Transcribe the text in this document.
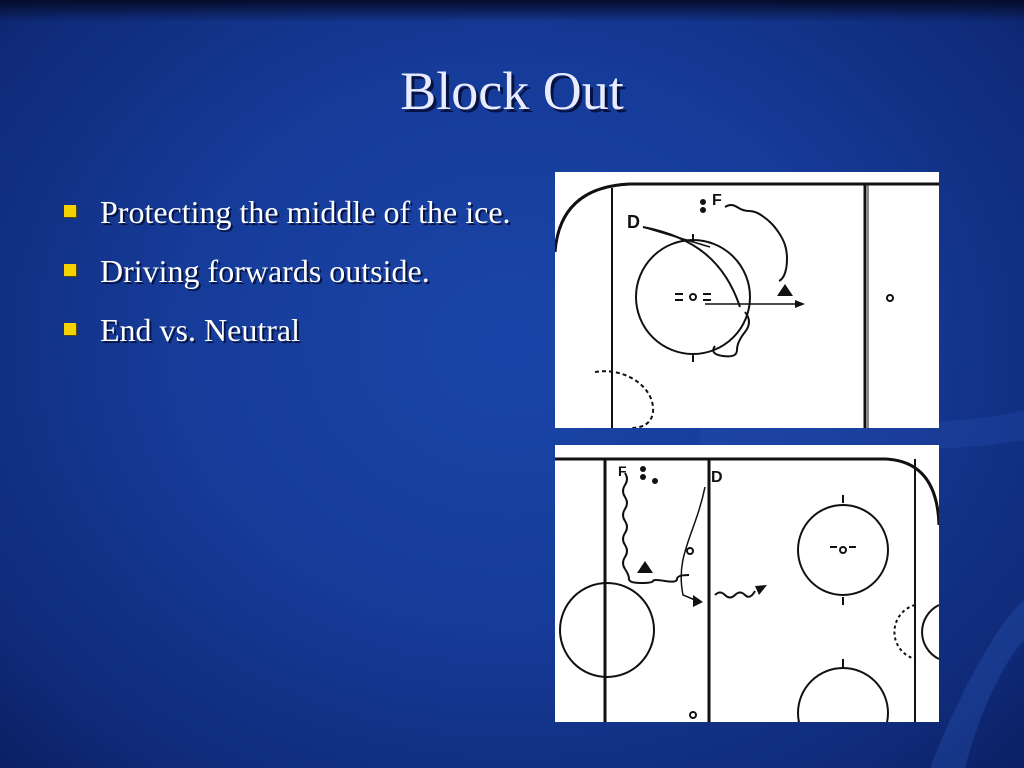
Block Out
Protecting the middle of the ice.
Driving forwards outside.
End vs. Neutral
D
F
D
F
